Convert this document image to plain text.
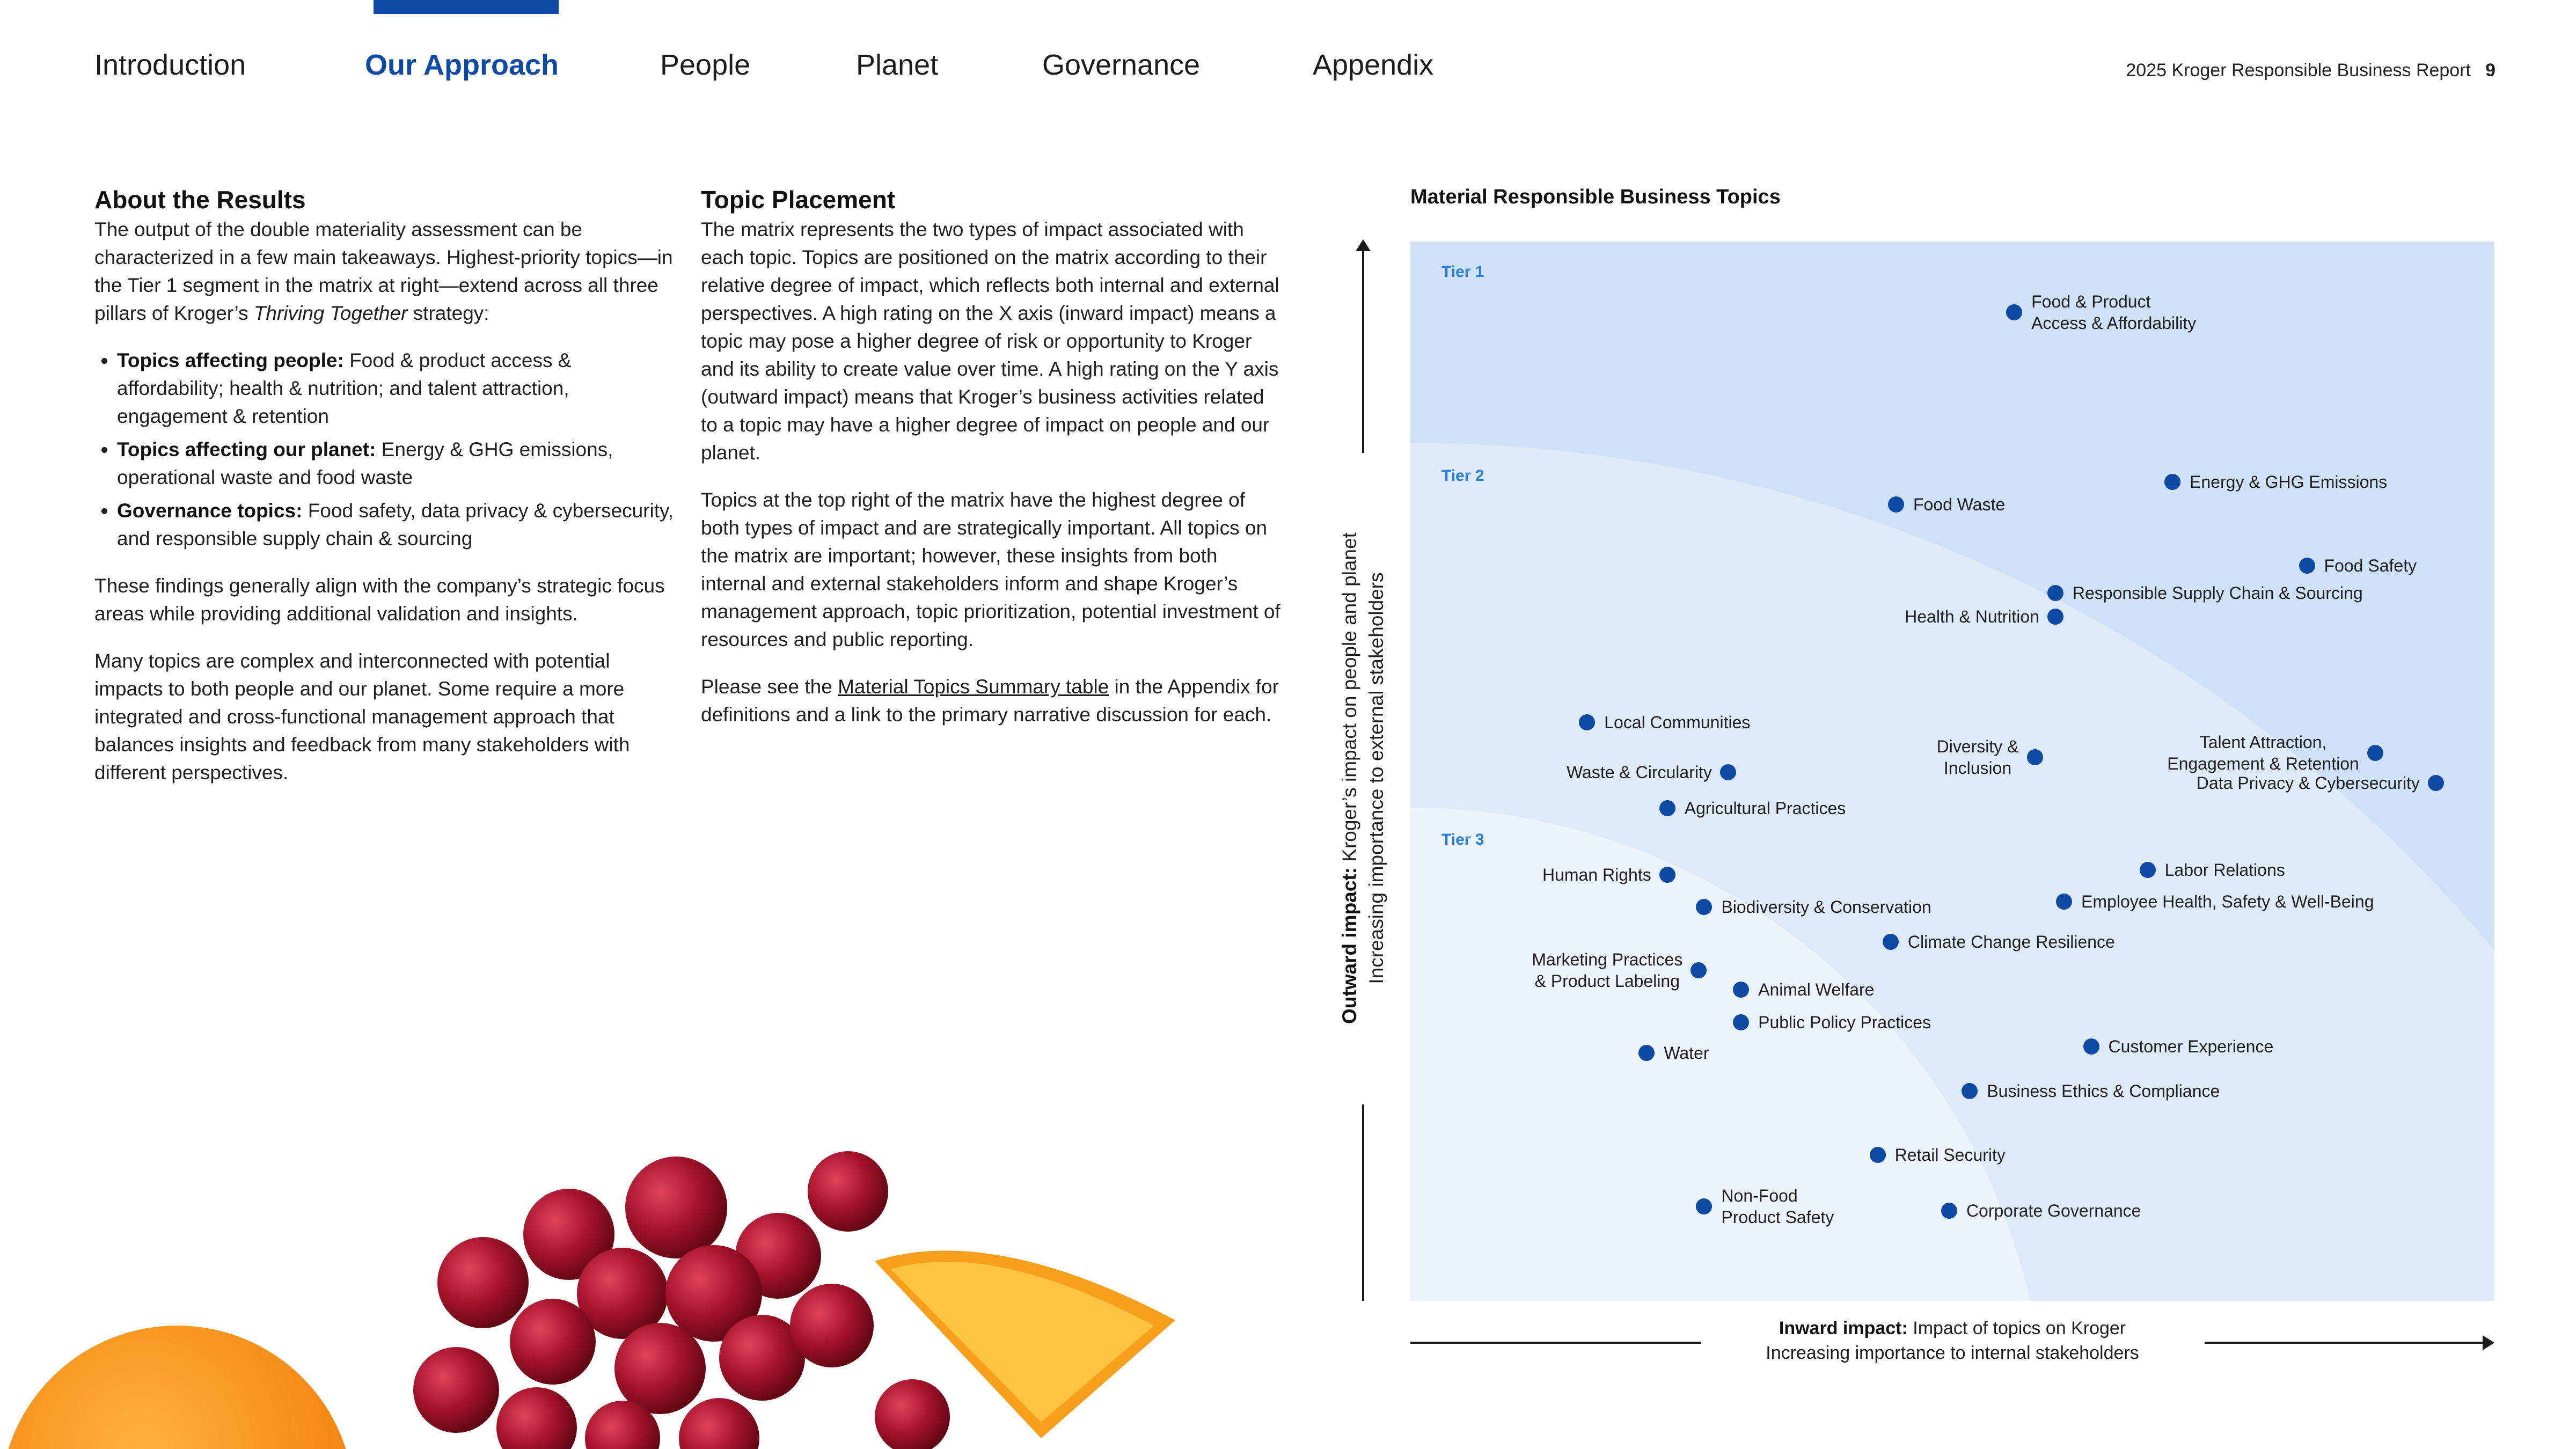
Introduction	Our Approach	People	Planet	Governance	Appendix	2025 Kroger Responsible Business Report 9
About the Results

The output of the double materiality assessment can be characterized in a few main takeaways. Highest-priority topics—in the Tier 1 segment in the matrix at right—extend across all three pillars of Kroger’s Thriving Together strategy:

• Topics affecting people: Food & product access & affordability; health & nutrition; and talent attraction, engagement & retention
• Topics affecting our planet: Energy & GHG emissions, operational waste and food waste
• Governance topics: Food safety, data privacy & cybersecurity, and responsible supply chain & sourcing

These findings generally align with the company’s strategic focus areas while providing additional validation and insights.

Many topics are complex and interconnected with potential impacts to both people and our planet. Some require a more integrated and cross-functional management approach that balances insights and feedback from many stakeholders with different perspectives.

Topic Placement

The matrix represents the two types of impact associated with each topic. Topics are positioned on the matrix according to their relative degree of impact, which reflects both internal and external perspectives. A high rating on the X axis (inward impact) means a topic may pose a higher degree of risk or opportunity to Kroger and its ability to create value over time. A high rating on the Y axis (outward impact) means that Kroger’s business activities related to a topic may have a higher degree of impact on people and our planet.

Topics at the top right of the matrix have the highest degree of both types of impact and are strategically important. All topics on the matrix are important; however, these insights from both internal and external stakeholders inform and shape Kroger’s management approach, topic prioritization, potential investment of resources and public reporting.

Please see the Material Topics Summary table in the Appendix for definitions and a link to the primary narrative discussion for each.

Material Responsible Business Topics
Tier 1
Tier 2
Tier 3
Food & Product
Access & Affordability
Energy & GHG Emissions
Food Waste
Food Safety
Responsible Supply Chain & Sourcing
Health & Nutrition
Local Communities
Talent Attraction,
Engagement & Retention
Diversity &
Inclusion
Waste & Circularity
Data Privacy & Cybersecurity
Agricultural Practices
Labor Relations
Human Rights
Employee Health, Safety & Well-Being
Biodiversity & Conservation
Climate Change Resilience
Marketing Practices
& Product Labeling	Animal Welfare
Public Policy Practices
Customer Experience
Water
Business Ethics & Compliance
Retail Security
Non-Food
Product Safety	Corporate Governance
Outward impact: Kroger’s impact on people and planet Increasing importance to external stakeholders
Inward impact: Impact of topics on Kroger
Increasing importance to internal stakeholders
